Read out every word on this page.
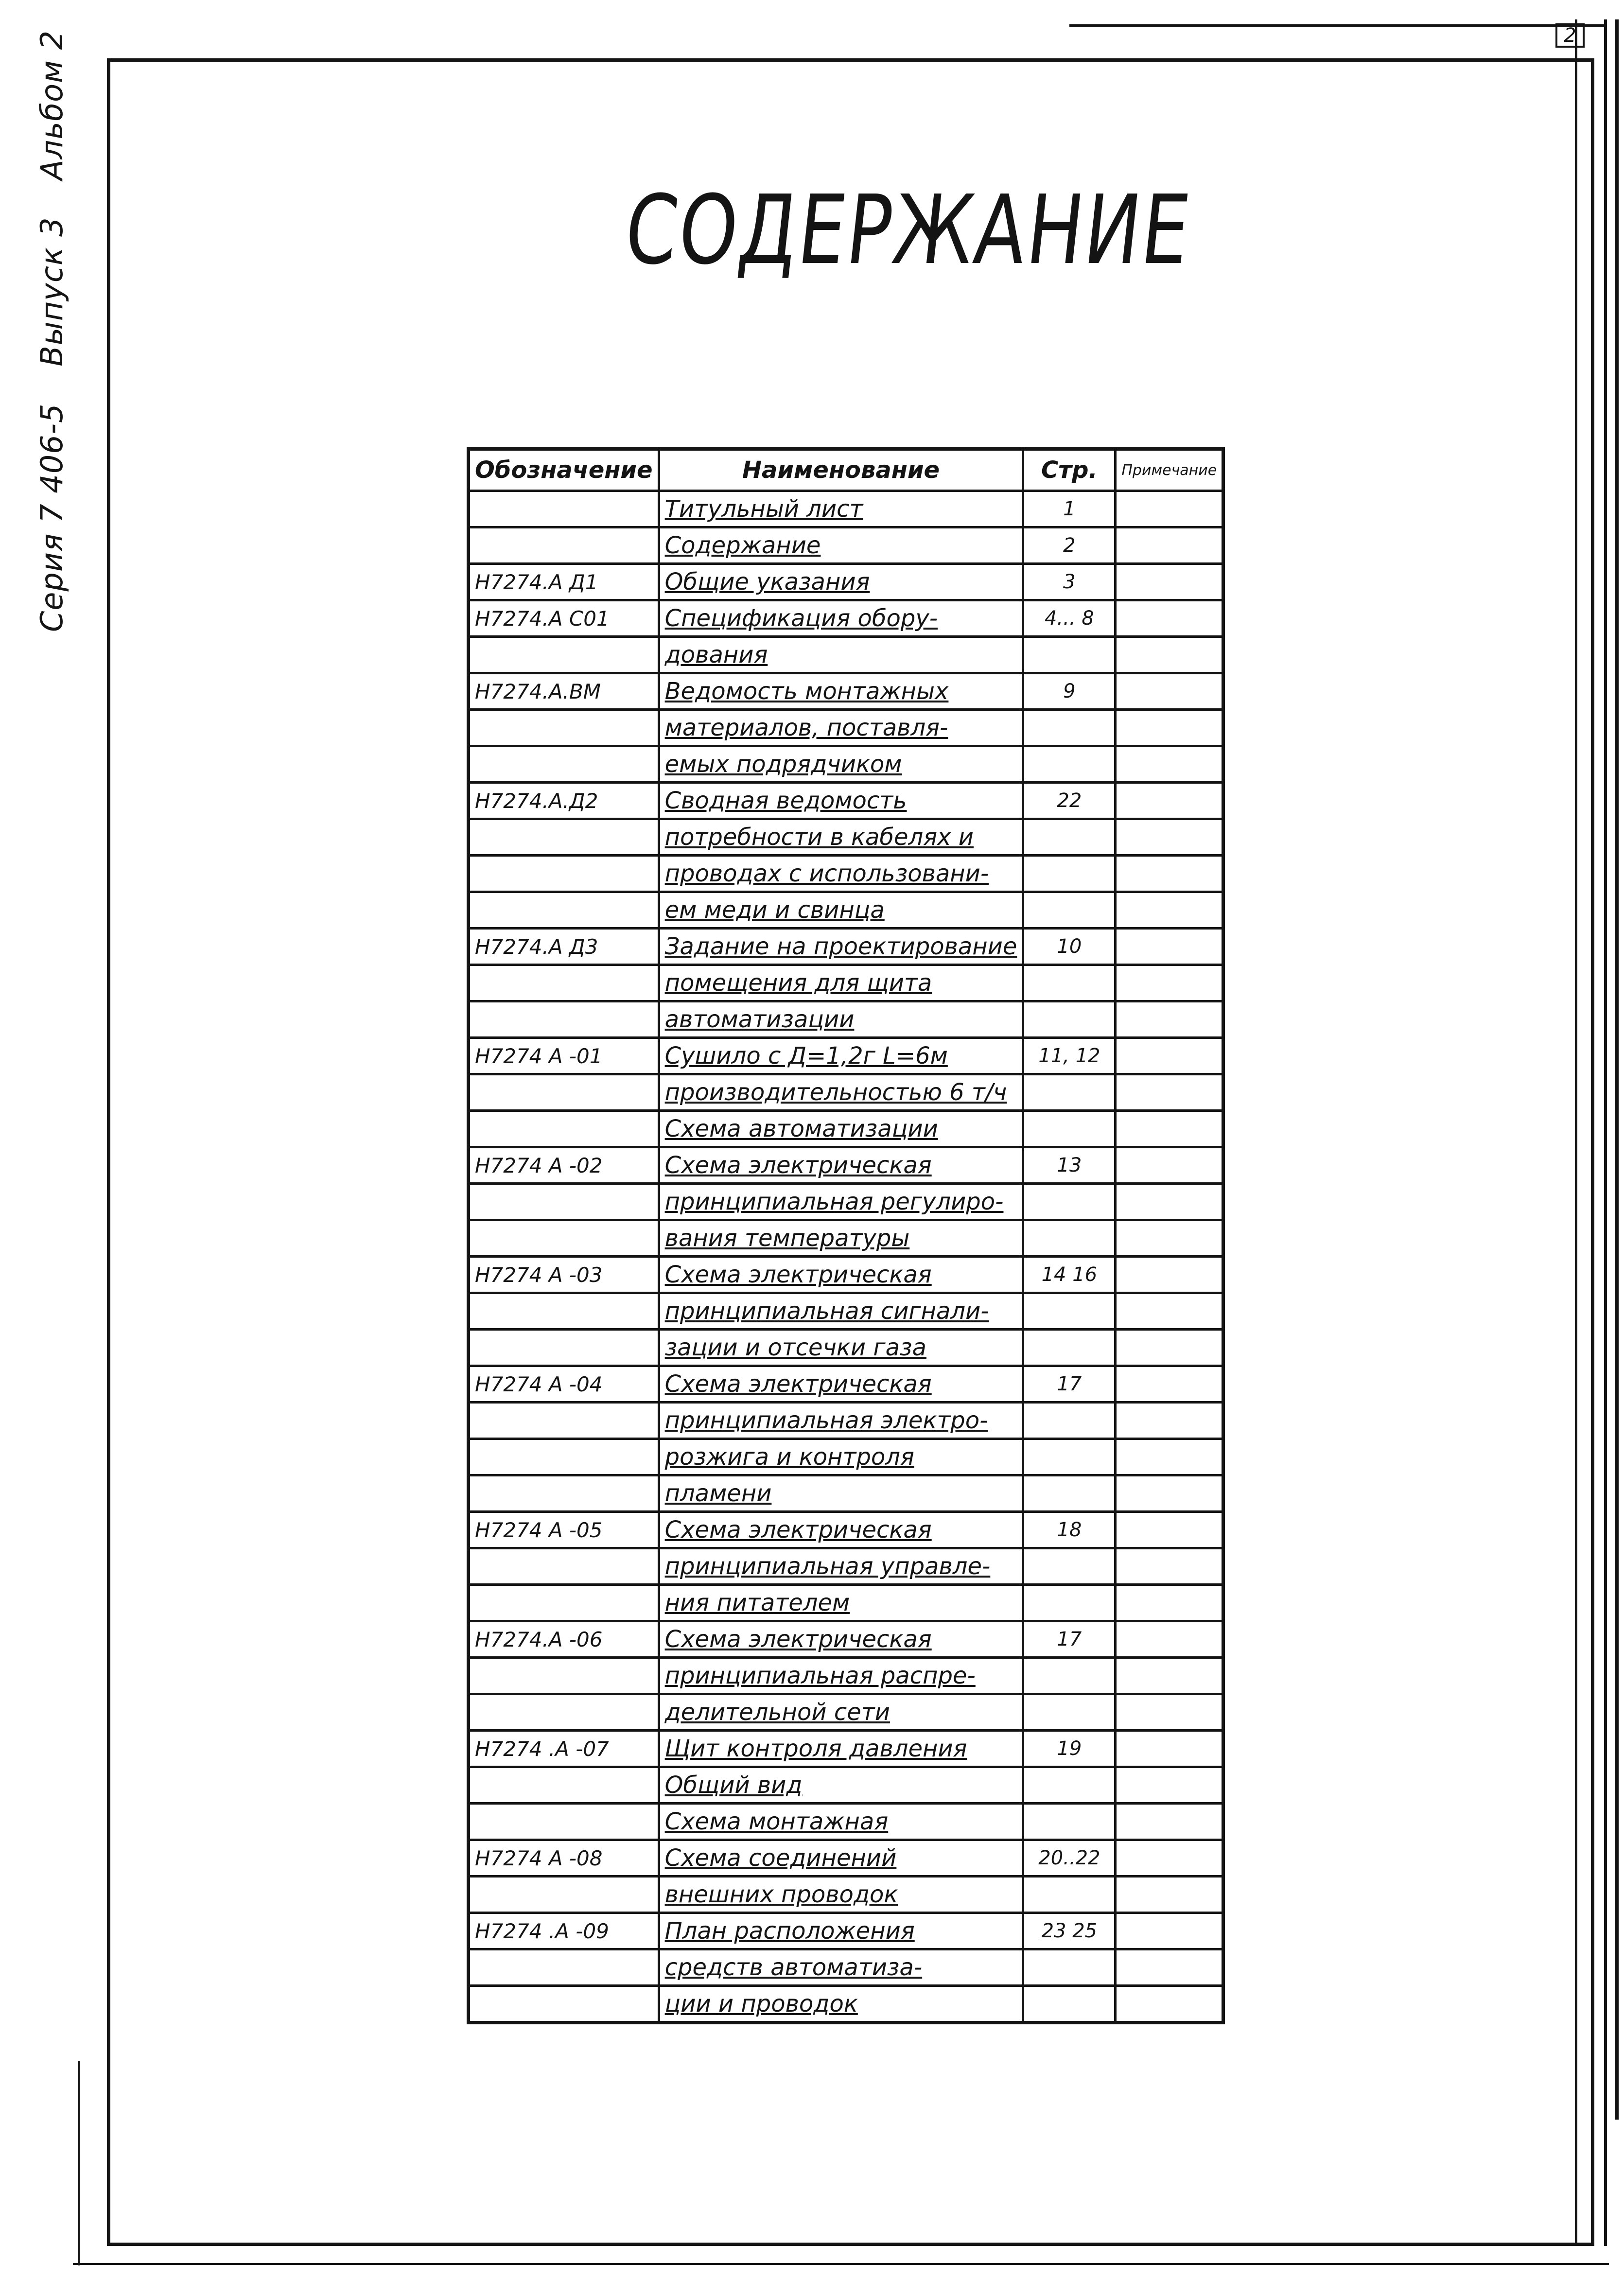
2
Серия 7 406-5 Выпуск 3 Альбом 2
СОДЕРЖАНИЕ
Обозначение	Наименование	Стр.	Примечание
	Титульный лист	1	
	Содержание	2	
Н7274.А Д1	Общие указания	3	
Н7274.А С01	Спецификация обору-	4... 8	
	дования		
Н7274.А.ВМ	Ведомость монтажных	9	
	материалов, поставля-		
	емых подрядчиком		
Н7274.А.Д2	Сводная ведомость	22	
	потребности в кабелях и		
	проводах с использовани-		
	ем меди и свинца		
Н7274.А Д3	Задание на проектирование	10	
	помещения для щита		
	автоматизации		
Н7274 А -01	Сушило с Д=1,2г L=6м	11, 12	
	производительностью 6 т/ч		
	Схема автоматизации		
Н7274 А -02	Схема электрическая	13	
	принципиальная регулиро-		
	вания температуры		
Н7274 А -03	Схема электрическая	14 16	
	принципиальная сигнали-		
	зации и отсечки газа		
Н7274 А -04	Схема электрическая	17	
	принципиальная электро-		
	розжига и контроля		
	пламени		
Н7274 А -05	Схема электрическая	18	
	принципиальная управле-		
	ния питателем		
Н7274.А -06	Схема электрическая	17	
	принципиальная распре-		
	делительной сети		
Н7274 .А -07	Щит контроля давления	19	
	Общий вид		
	Схема монтажная		
Н7274 А -08	Схема соединений	20..22	
	внешних проводок		
Н7274 .А -09	План расположения	23 25	
	средств автоматиза-		
	ции и проводок		
